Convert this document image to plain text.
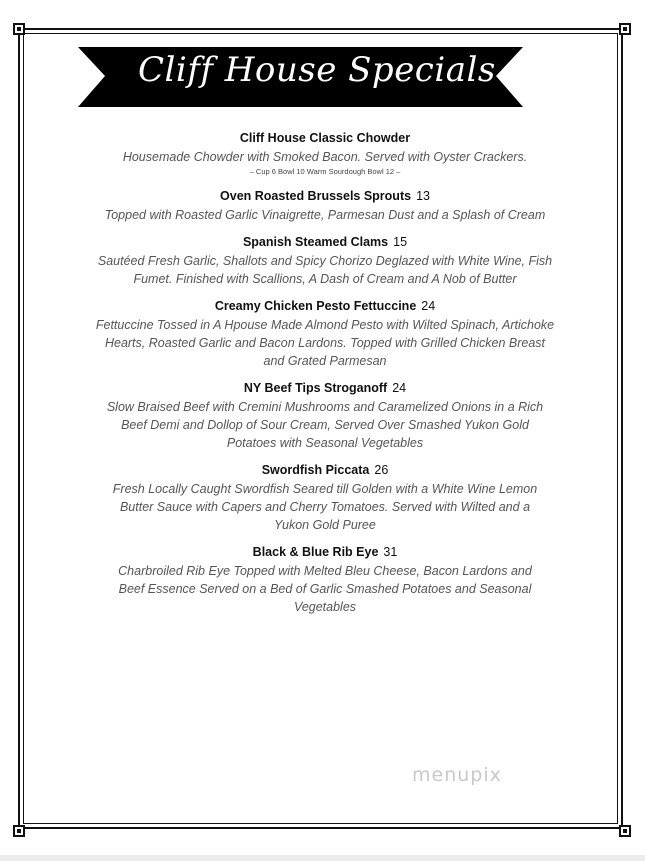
Cliff House Specials
Cliff House Classic Chowder
Housemade Chowder with Smoked Bacon. Served with Oyster Crackers.
– Cup 6 Bowl 10 Warm Sourdough Bowl 12 –
Oven Roasted Brussels Sprouts 13
Topped with Roasted Garlic Vinaigrette, Parmesan Dust and a Splash of Cream
Spanish Steamed Clams 15
Sautéed Fresh Garlic, Shallots and Spicy Chorizo Deglazed with White Wine, Fish Fumet. Finished with Scallions, A Dash of Cream and A Nob of Butter
Creamy Chicken Pesto Fettuccine 24
Fettuccine Tossed in A Hpouse Made Almond Pesto with Wilted Spinach, Artichoke Hearts, Roasted Garlic and Bacon Lardons. Topped with Grilled Chicken Breast and Grated Parmesan
NY Beef Tips Stroganoff 24
Slow Braised Beef with Cremini Mushrooms and Caramelized Onions in a Rich Beef Demi and Dollop of Sour Cream, Served Over Smashed Yukon Gold Potatoes with Seasonal Vegetables
Swordfish Piccata 26
Fresh Locally Caught Swordfish Seared till Golden with a White Wine Lemon Butter Sauce with Capers and Cherry Tomatoes. Served with Wilted and a Yukon Gold Puree
Black & Blue Rib Eye 31
Charbroiled Rib Eye Topped with Melted Bleu Cheese, Bacon Lardons and Beef Essence Served on a Bed of Garlic Smashed Potatoes and Seasonal Vegetables
menupix
